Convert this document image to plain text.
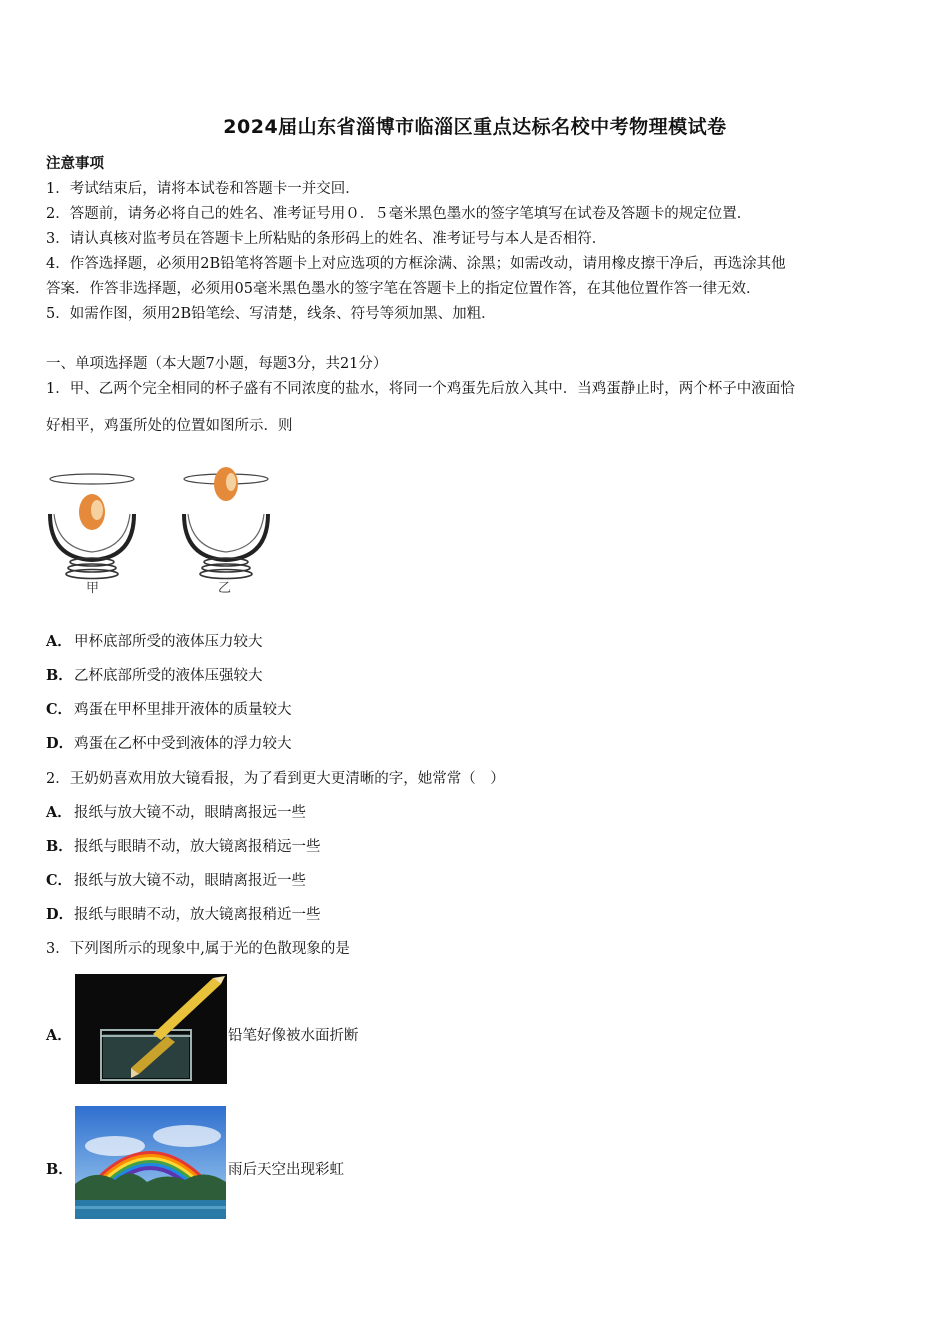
2024届山东省淄博市临淄区重点达标名校中考物理模试卷
注意事项
1．考试结束后，请将本试卷和答题卡一并交回．
2．答题前，请务必将自己的姓名、准考证号用０．５毫米黑色墨水的签字笔填写在试卷及答题卡的规定位置．
3．请认真核对监考员在答题卡上所粘贴的条形码上的姓名、准考证号与本人是否相符．
4．作答选择题，必须用2B铅笔将答题卡上对应选项的方框涂满、涂黑；如需改动，请用橡皮擦干净后，再选涂其他
答案．作答非选择题，必须用05毫米黑色墨水的签字笔在答题卡上的指定位置作答，在其他位置作答一律无效．
5．如需作图，须用2B铅笔绘、写清楚，线条、符号等须加黑、加粗．
一、单项选择题（本大题7小题，每题3分，共21分）
1．甲、乙两个完全相同的杯子盛有不同浓度的盐水，将同一个鸡蛋先后放入其中．当鸡蛋静止时，两个杯子中液面恰
好相平，鸡蛋所处的位置如图所示．则
甲	乙
A． 甲杯底部所受的液体压力较大
B．乙杯底部所受的液体压强较大
C． 鸡蛋在甲杯里排开液体的质量较大
D．鸡蛋在乙杯中受到液体的浮力较大
2．王奶奶喜欢用放大镜看报，为了看到更大更清晰的字，她常常（　）
A． 报纸与放大镜不动，眼睛离报远一些
B．报纸与眼睛不动，放大镜离报稍远一些
C． 报纸与放大镜不动，眼睛离报近一些
D．报纸与眼睛不动，放大镜离报稍近一些
3．下列图所示的现象中,属于光的色散现象的是
A．	铅笔好像被水面折断
B．	雨后天空出现彩虹
